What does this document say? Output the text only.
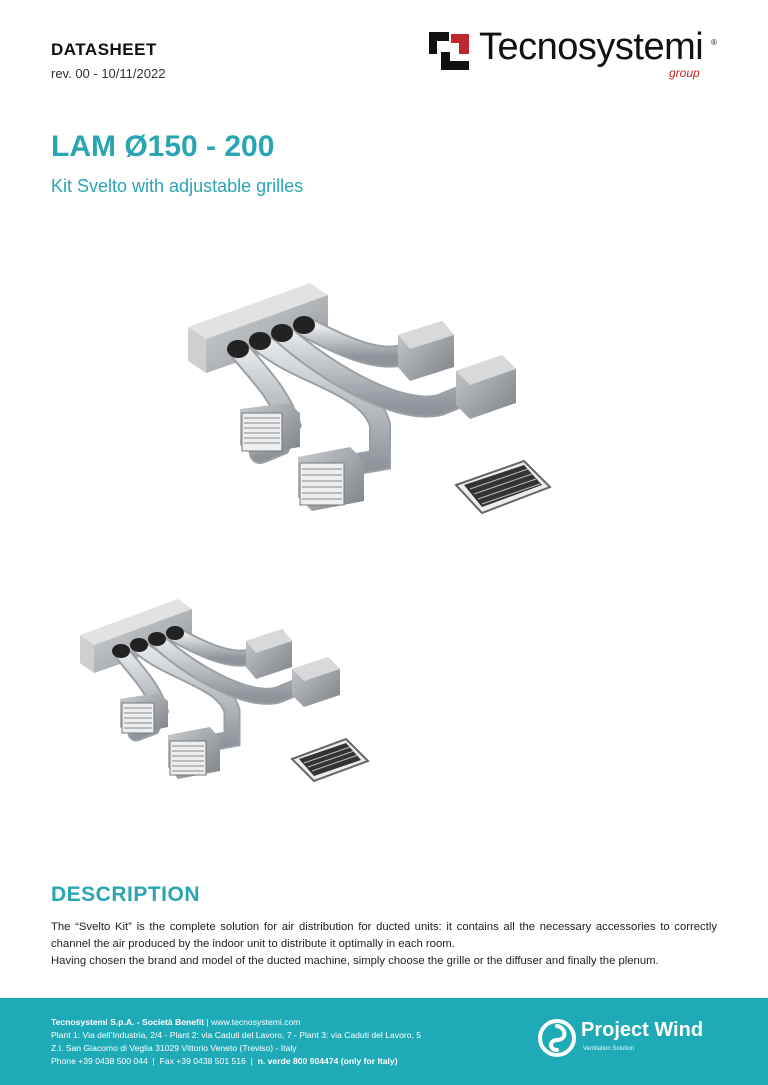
DATASHEET
rev. 00 - 10/11/2022
Tecnosystemi ®
group
LAM Ø150 - 200
Kit Svelto with adjustable grilles
DESCRIPTION

The “Svelto Kit” is the complete solution for air distribution for ducted units: it contains all the necessary accessories to correctly channel the air produced by the indoor unit to distribute it optimally in each room.

Having chosen the brand and model of the ducted machine, simply choose the grille or the diffuser and finally the plenum.

Tecnosystemi S.p.A. - Società Benefit | www.tecnosystemi.com
Plant 1: Via dell’Industria, 2/4 - Plant 2: via Caduti del Lavoro, 7 - Plant 3: via Caduti del Lavoro, 5
Z.I. San Giacomo di Veglia 31029 Vittorio Veneto (Treviso) - Italy
Phone +39 0438 500 044  |  Fax +39 0438 501 516  |  n. verde 800 904474 (only for Italy)
Project Wind
Ventilation Solution
